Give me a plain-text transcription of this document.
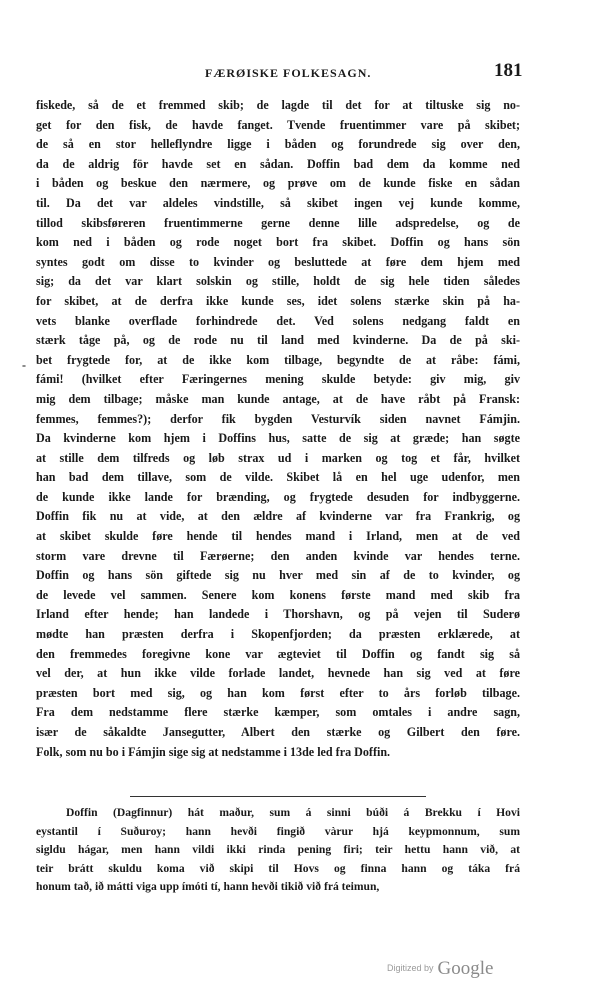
FÆRØISKE FOLKESAGN.	181
-
fiskede, så de et fremmed skib; de lagde til det for at tiltuske sig no-
get for den fisk, de havde fanget. Tvende fruentimmer vare på skibet;
de så en stor helleflyndre ligge i båden og forundrede sig over den,
da de aldrig för havde set en sådan. Doffin bad dem da komme ned
i båden og beskue den nærmere, og prøve om de kunde fiske en sådan
til. Da det var aldeles vindstille, så skibet ingen vej kunde komme,
tillod skibsføreren fruentimmerne gerne denne lille adspredelse, og de
kom ned i båden og rode noget bort fra skibet. Doffin og hans sön
syntes godt om disse to kvinder og besluttede at føre dem hjem med
sig; da det var klart solskin og stille, holdt de sig hele tiden således
for skibet, at de derfra ikke kunde ses, idet solens stærke skin på ha-
vets blanke overflade forhindrede det. Ved solens nedgang faldt en
stærk tåge på, og de rode nu til land med kvinderne. Da de på ski-
bet frygtede for, at de ikke kom tilbage, begyndte de at råbe: fámi,
fámi! (hvilket efter Færingernes mening skulde betyde: giv mig, giv
mig dem tilbage; måske man kunde antage, at de have råbt på Fransk:
femmes, femmes?); derfor fik bygden Vesturvík siden navnet Fámjin.
Da kvinderne kom hjem i Doffins hus, satte de sig at græde; han søgte
at stille dem tilfreds og løb strax ud i marken og tog et får, hvilket
han bad dem tillave, som de vilde. Skibet lå en hel uge udenfor, men
de kunde ikke lande for brænding, og frygtede desuden for indbyggerne.
Doffin fik nu at vide, at den ældre af kvinderne var fra Frankrig, og
at skibet skulde føre hende til hendes mand i Irland, men at de ved
storm vare drevne til Færøerne; den anden kvinde var hendes terne.
Doffin og hans sön giftede sig nu hver med sin af de to kvinder, og
de levede vel sammen. Senere kom konens første mand med skib fra
Irland efter hende; han landede i Thorshavn, og på vejen til Suderø
mødte han præsten derfra i Skopenfjorden; da præsten erklærede, at
den fremmedes foregivne kone var ægteviet til Doffin og fandt sig så
vel der, at hun ikke vilde forlade landet, hevnede han sig ved at føre
præsten bort med sig, og han kom først efter to års forløb tilbage.
Fra dem nedstamme flere stærke kæmper, som omtales i andre sagn,
især de såkaldte Jansegutter, Albert den stærke og Gilbert den føre.
Folk, som nu bo i Fámjin sige sig at nedstamme i 13de led fra Doffin.
Doffin (Dagfinnur) hát maður, sum á sinni búði á Brekku í Hovi
eystantil í Suðuroy; hann hevði fingið vàrur hjá keypmonnum, sum
sigldu hágar, men hann vildi ikki rinda pening firi; teir hettu hann við, at
teir brátt skuldu koma við skipi til Hovs og finna hann og táka frá
honum tað, ið mátti viga upp ímóti tí, hann hevði tikið við frá teimun,
Digitized by Google
